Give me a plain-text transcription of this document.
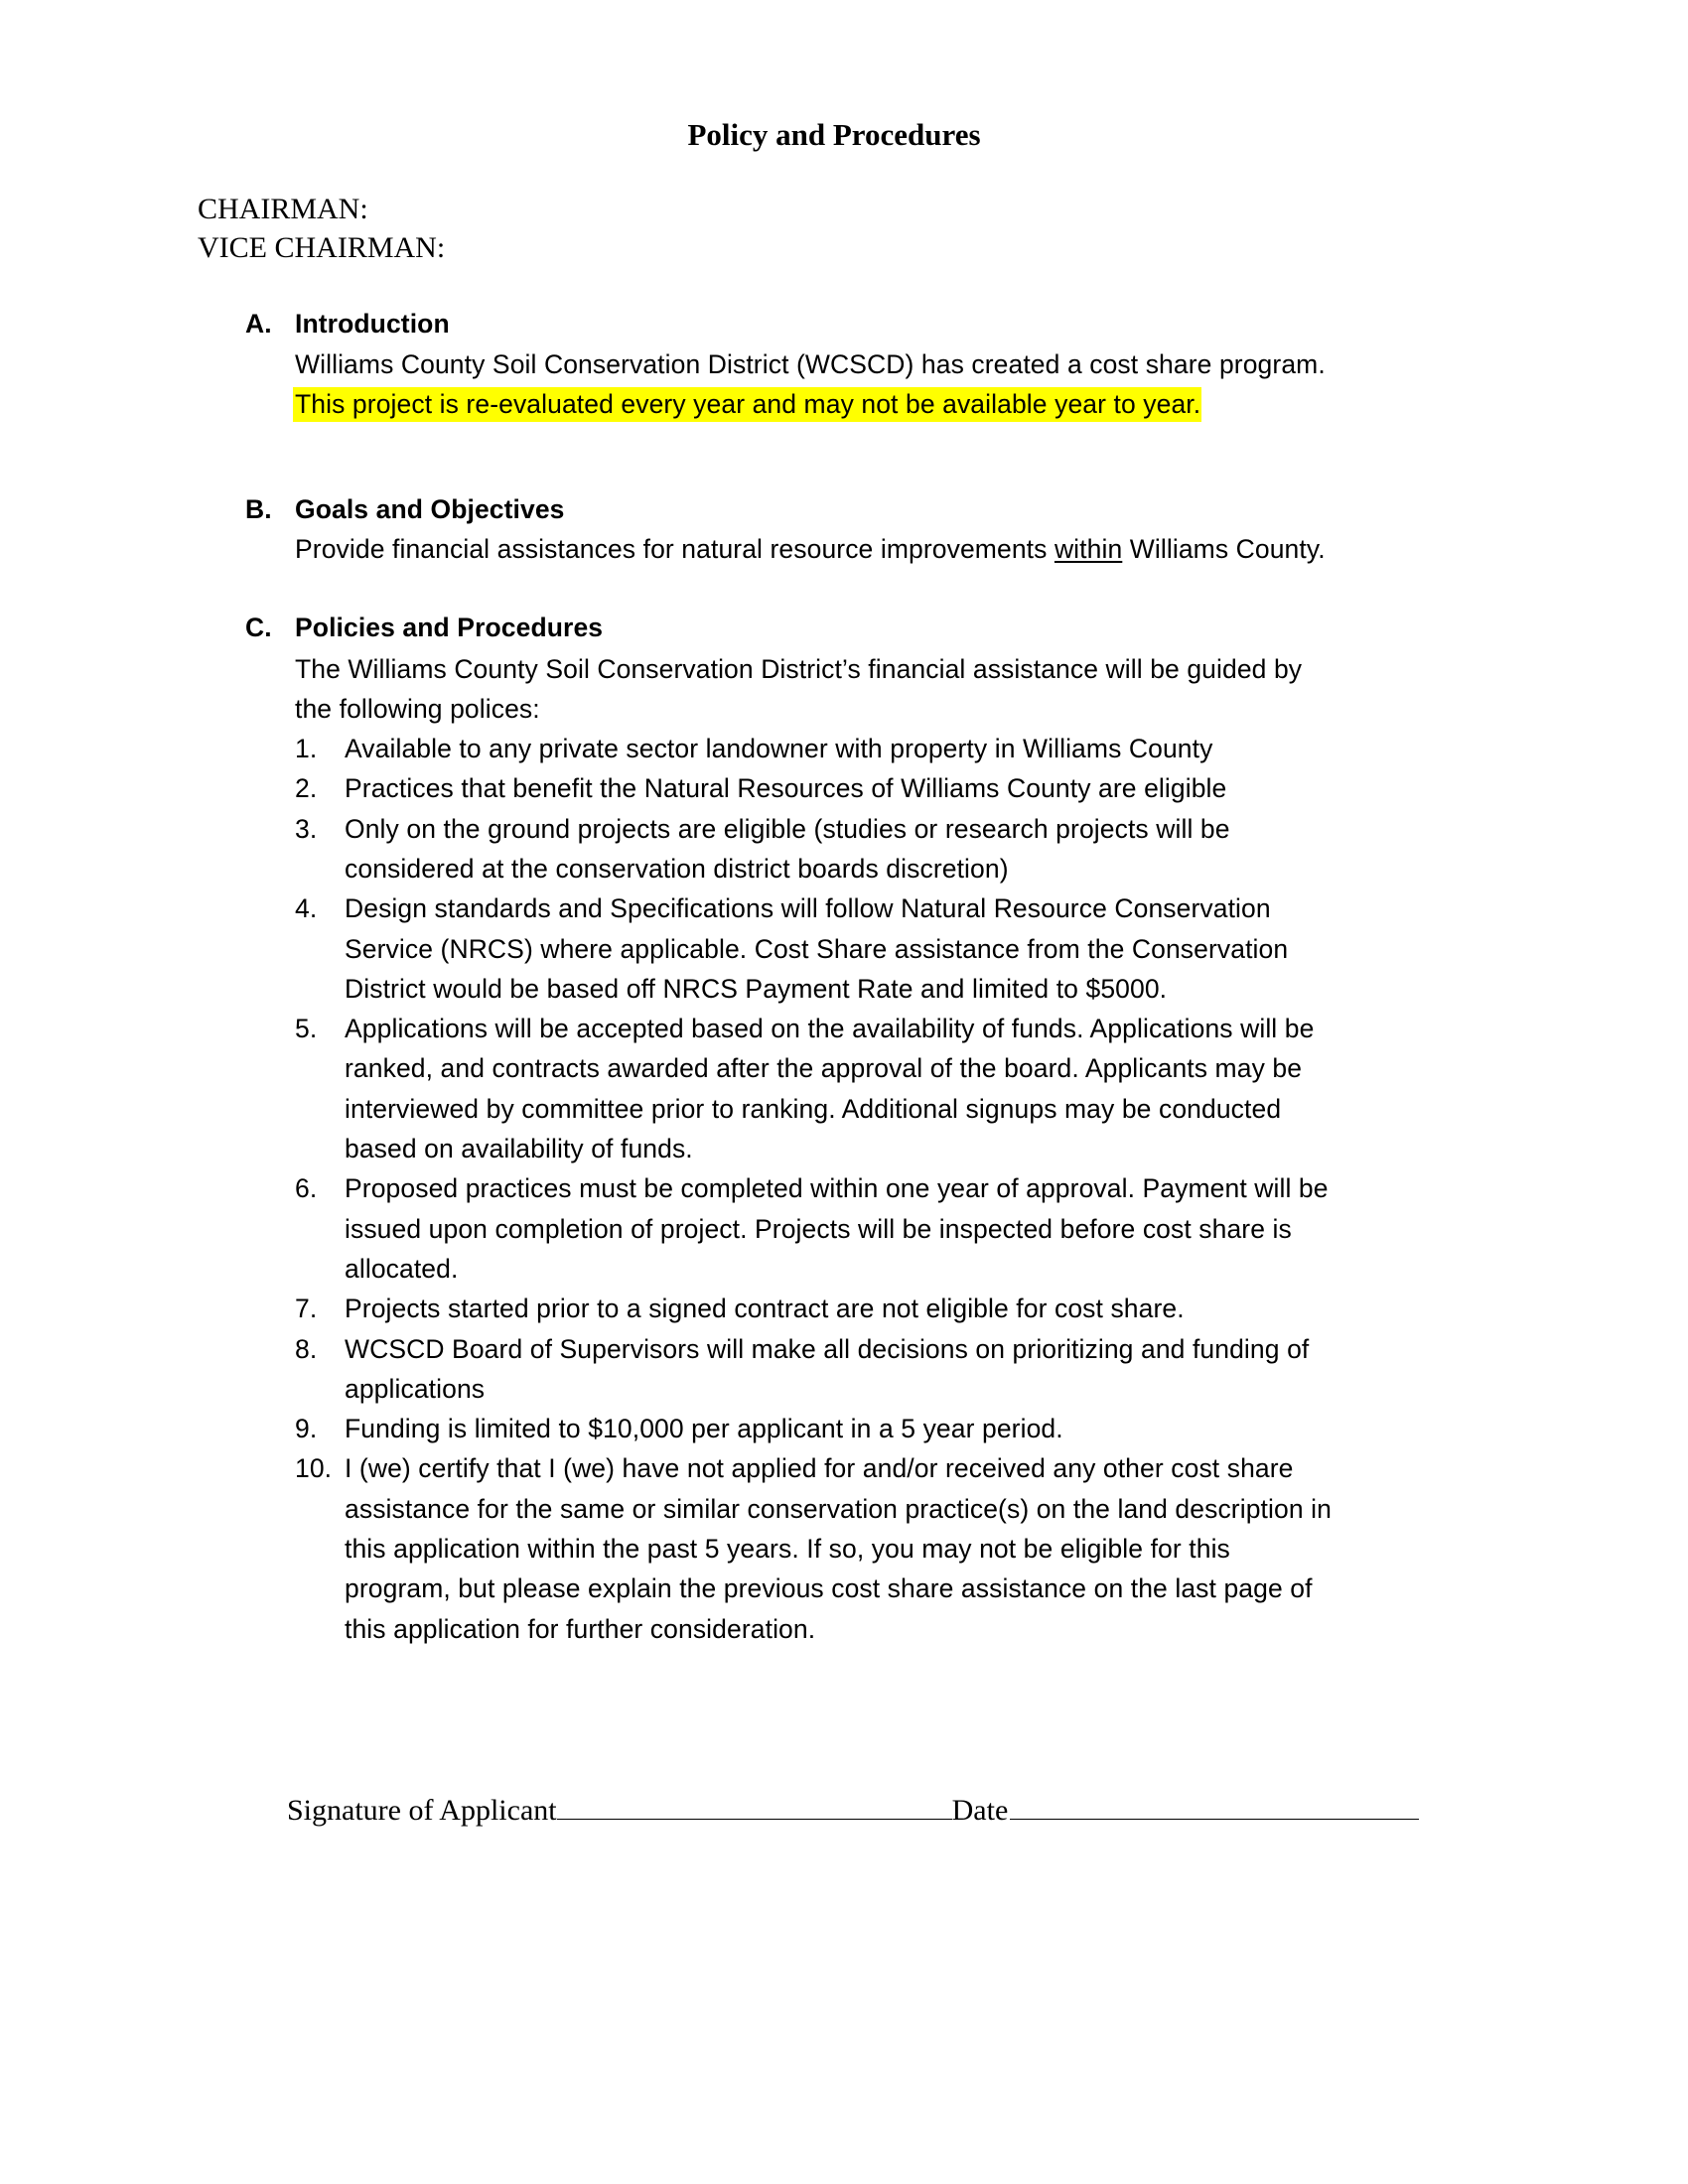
Policy and Procedures
CHAIRMAN:
VICE CHAIRMAN:
A. Introduction
Williams County Soil Conservation District (WCSCD) has created a cost share program.
This project is re-evaluated every year and may not be available year to year.
B. Goals and Objectives
Provide financial assistances for natural resource improvements within Williams County.
C. Policies and Procedures
The Williams County Soil Conservation District’s financial assistance will be guided by
the following polices:
1. Available to any private sector landowner with property in Williams County
2. Practices that benefit the Natural Resources of Williams County are eligible
3. Only on the ground projects are eligible (studies or research projects will be
considered at the conservation district boards discretion)
4. Design standards and Specifications will follow Natural Resource Conservation
Service (NRCS) where applicable. Cost Share assistance from the Conservation
District would be based off NRCS Payment Rate and limited to $5000.
5. Applications will be accepted based on the availability of funds. Applications will be
ranked, and contracts awarded after the approval of the board. Applicants may be
interviewed by committee prior to ranking. Additional signups may be conducted
based on availability of funds.
6. Proposed practices must be completed within one year of approval. Payment will be
issued upon completion of project. Projects will be inspected before cost share is
allocated.
7. Projects started prior to a signed contract are not eligible for cost share.
8. WCSCD Board of Supervisors will make all decisions on prioritizing and funding of
applications
9. Funding is limited to $10,000 per applicant in a 5 year period.
10. I (we) certify that I (we) have not applied for and/or received any other cost share
assistance for the same or similar conservation practice(s) on the land description in
this application within the past 5 years. If so, you may not be eligible for this
program, but please explain the previous cost share assistance on the last page of
this application for further consideration.
Signature of Applicant	Date
